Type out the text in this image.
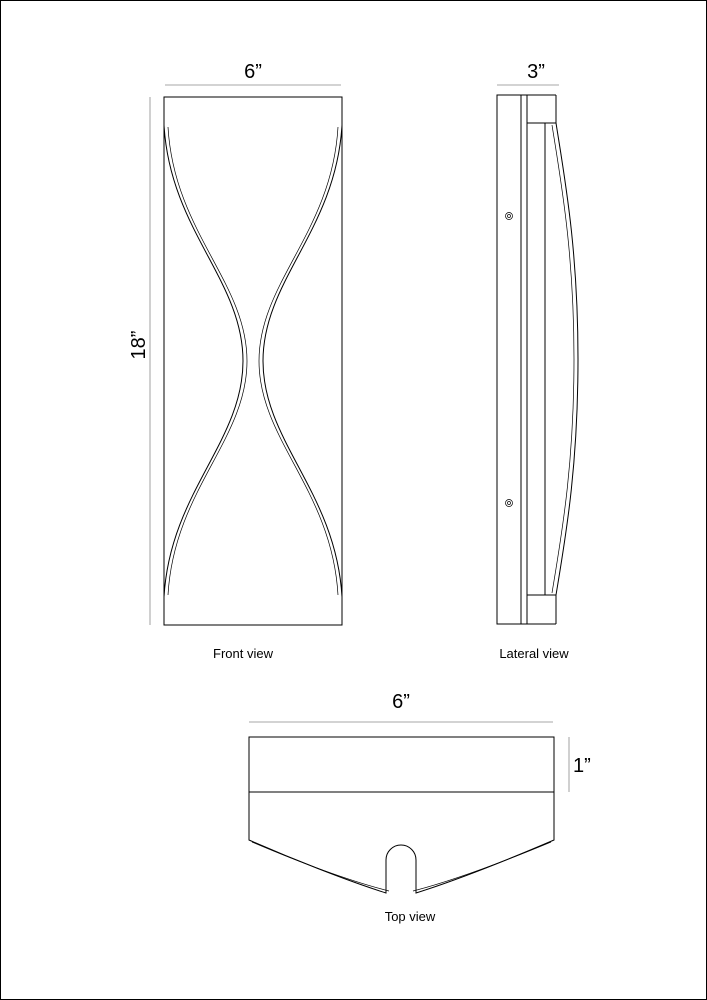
6”
18”
Front view
3”
Lateral view
6”
1”
Top view
